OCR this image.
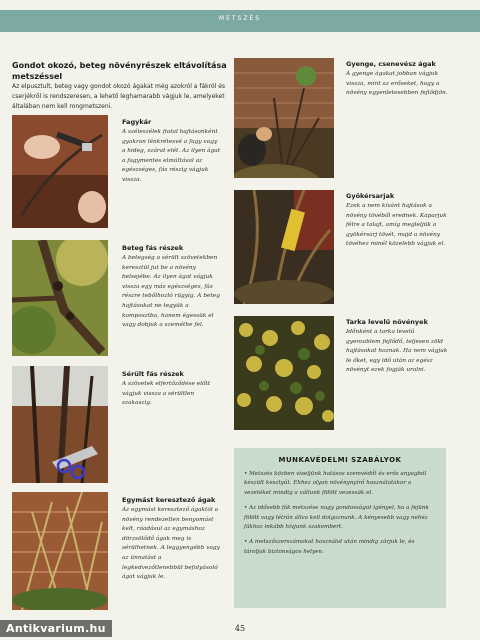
METSZÉS
Gondot okozó, beteg növényrészek eltávolítása metszéssel
Az elpusztult, beteg vagy gondot okozó ágakat még azokról a fákról és cserjékről is rendszeresen, a lehető leghamarabb vágjuk le, amelyeket általában nem kell rongmetszeni.
Fagykár
A széleszélek fiatal hajtásonként gyakran lénkrétesvé a fagy vagy a hideg, szárat elét. Az ilyen ágat a fagymentes elmúltával az egészséges, fás részig vágjuk vissza.
Beteg fás részek
A betegség a sérült szövetekben keresztül jut be a növény belsejébe. Az ilyen ágat vágjuk vissza egy más egészséges, fás részre tebőlhozló rügyig. A beteg hajtásokat ne tegyük a komposztba, hanem égessük el vagy dobjuk a szeméthe fel.
Sérült fás részek
A szövetek elfertőződése előtt vágjuk vissza a sérültlen szakaszig.
Egymást keresztező ágak
Az egymást keresztező ágaktól a növény rendezetlen benyomást kelt, ráadásul az egymáshoz dörzsölődő ágak meg is sérülhetnek. A leggyengébb vagy az ünnatást a legkedvezőtlenebbül befolyásoló ágat vágjuk le.
Gyenge, csenevész ágak
A gyenge ágakat jobban vágjuk vissza, mint az erőseket, hogy a növény egyenletesebben fejlődjön.
Gyökérsarjak
Ezek a nem kívánt hajtások a növény tövéből erednek. Kaparjuk félre a talajt, amíg megleljük a gyökérsarj tövét, majd a növény tövéhez minél közelebb vágjuk el.
Tarka levelű növények
Időnként a tarka levelű gyeroablem fejlődő, teljesen zöld hajtásokat hoznak. Ha nem vágjuk le őket, egy idő után az egész növényt ezek fogják uralni.
MUNKAVÉDELMI SZABÁLYOK
• Metszés közben viseljünk hatásos szemvédőt és erős anyagból készült kesztyűt. Ehhez olyan növénynyírő használatakor a vezetéket mindig a vállunk fölött vezessük el.
• Az idősebb fák metszése nagy gondosságot igényel, ha a fejünk fölött vagy létrán állva kell dolgoznunk. A kényesebb vagy nehéz fákhoz inkább hívjunk szakembert.
• A metszőszerszámokat használat után mindig zárjuk le, és tároljuk biztonságos helyen.
45
Antikvarium.hu
